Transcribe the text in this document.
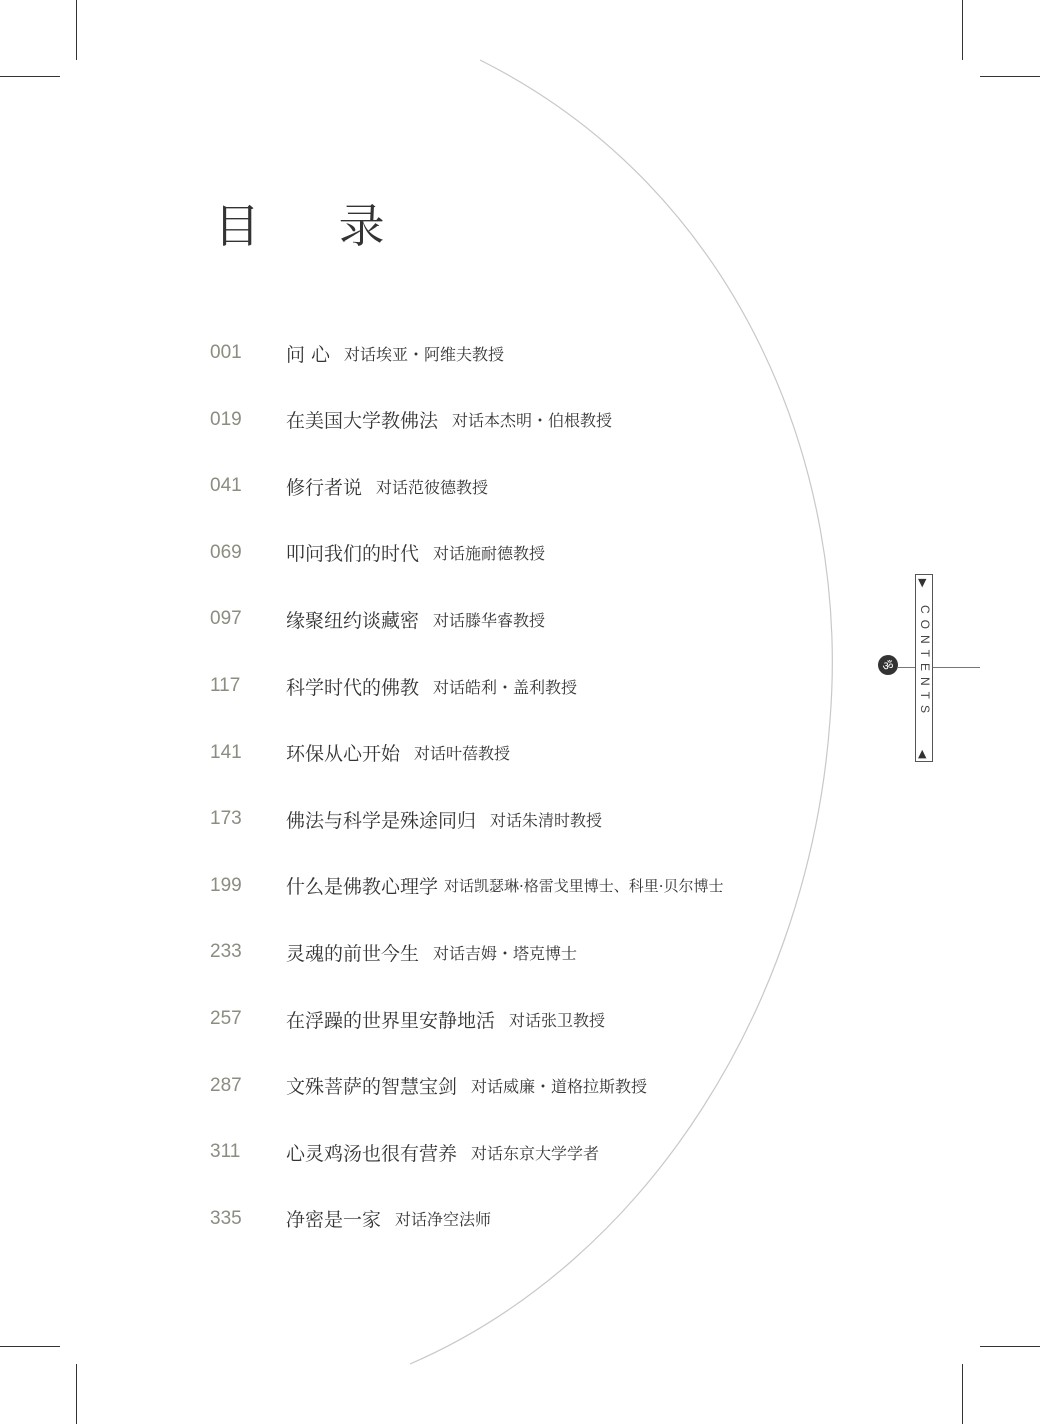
目 录
001	问 心 对话埃亚・阿维夫教授
019	在美国大学教佛法 对话本杰明・伯根教授
041	修行者说 对话范彼德教授
069	叩问我们的时代 对话施耐德教授
097	缘聚纽约谈藏密 对话滕华睿教授
117	科学时代的佛教 对话皓利・盖利教授
141	环保从心开始 对话叶蓓教授
173	佛法与科学是殊途同归 对话朱清时教授
199	什么是佛教心理学 对话凯瑟琳·格雷戈里博士、科里·贝尔博士
233	灵魂的前世今生 对话吉姆・塔克博士
257	在浮躁的世界里安静地活 对话张卫教授
287	文殊菩萨的智慧宝剑 对话威廉・道格拉斯教授
311	心灵鸡汤也很有营养 对话东京大学学者
335	净密是一家 对话净空法师
ॐ
▼
CONTENTS
▲
